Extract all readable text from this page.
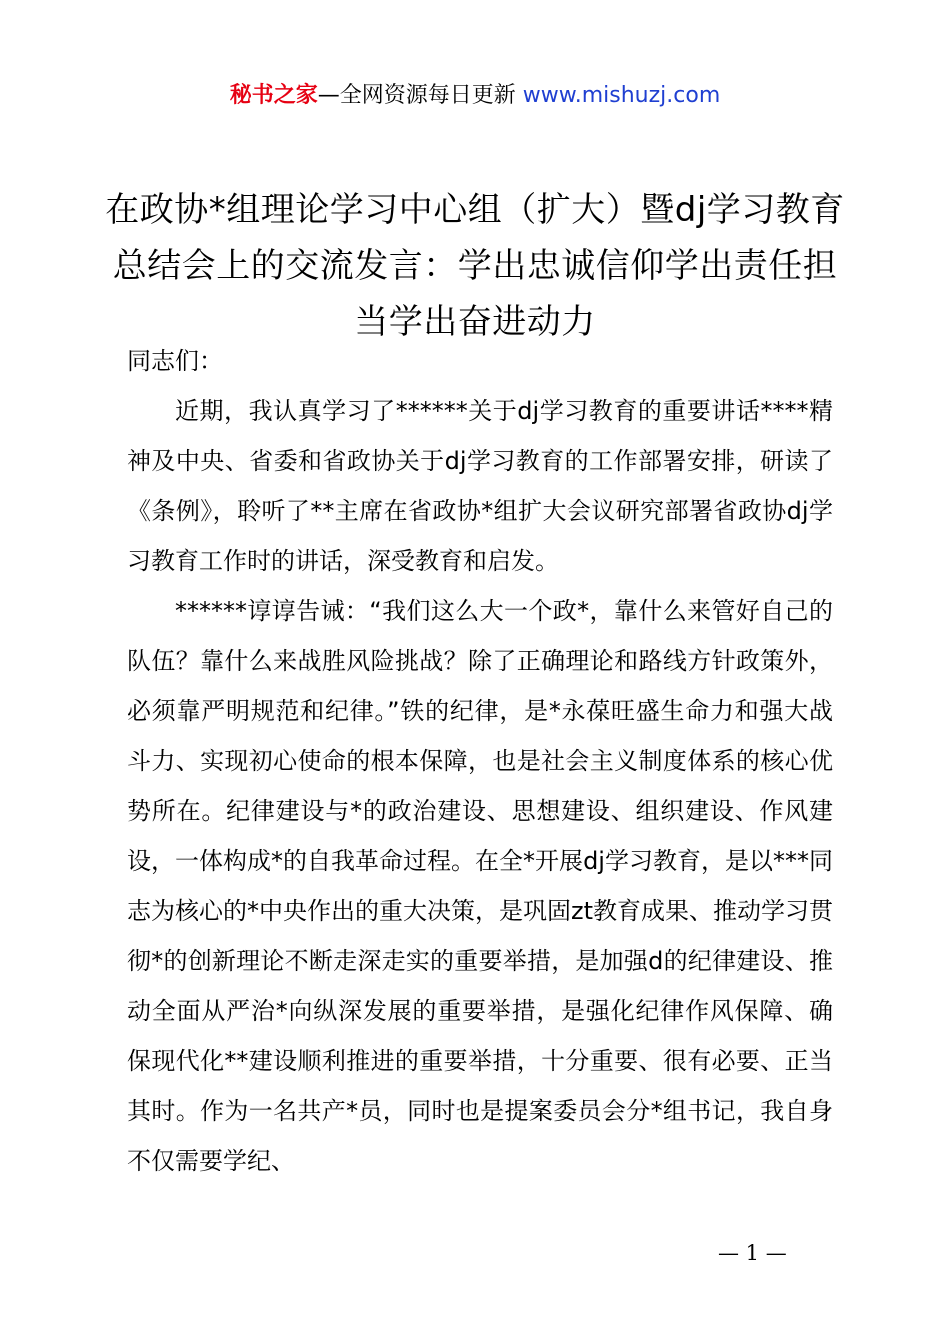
秘书之家—全网资源每日更新 www.mishuzj.com
在政协*组理论学习中心组（扩大）暨dj学习教育总结会上的交流发言：学出忠诚信仰学出责任担当学出奋进动力

同志们：

近期，我认真学习了******关于dj学习教育的重要讲话****精神及中央、省委和省政协关于dj学习教育的工作部署安排，研读了《条例》，聆听了**主席在省政协*组扩大会议研究部署省政协dj学习教育工作时的讲话，深受教育和启发。

******谆谆告诫：“我们这么大一个政*，靠什么来管好自己的队伍？靠什么来战胜风险挑战？除了正确理论和路线方针政策外，必须靠严明规范和纪律。”铁的纪律，是*永葆旺盛生命力和强大战斗力、实现初心使命的根本保障，也是社会主义制度体系的核心优势所在。纪律建设与*的政治建设、思想建设、组织建设、作风建设，一体构成*的自我革命过程。在全*开展dj学习教育，是以***同志为核心的*中央作出的重大决策，是巩固zt教育成果、推动学习贯彻*的创新理论不断走深走实的重要举措，是加强d的纪律建设、推动全面从严治*向纵深发展的重要举措，是强化纪律作风保障、确保现代化**建设顺利推进的重要举措，十分重要、很有必要、正当其时。作为一名共产*员，同时也是提案委员会分*组书记，我自身不仅需要学纪、

— 1 —
